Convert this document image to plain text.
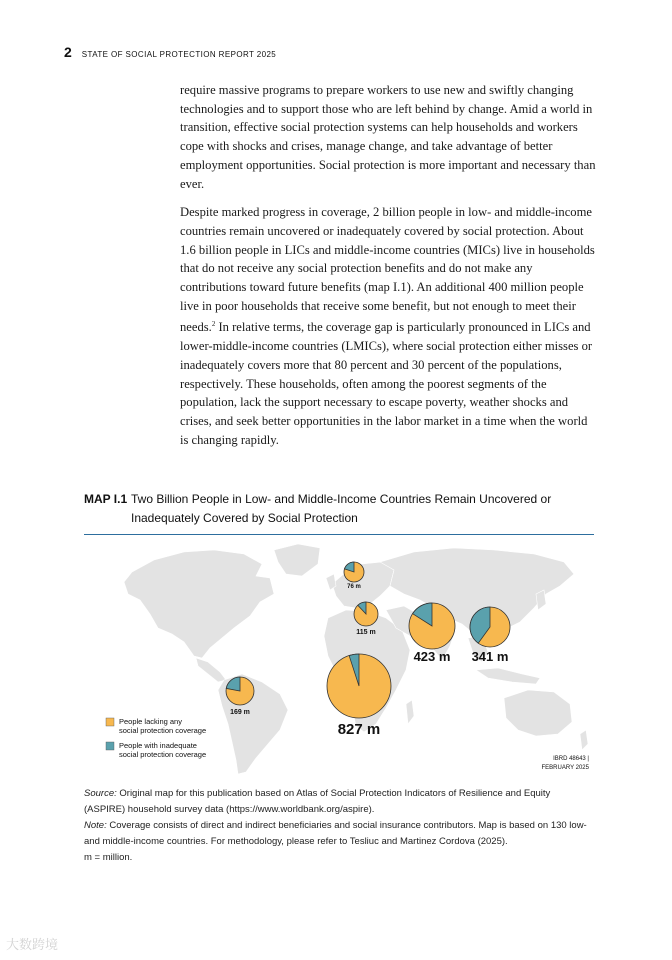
2 STATE OF SOCIAL PROTECTION REPORT 2025

require massive programs to prepare workers to use new and swiftly changing technologies and to support those who are left behind by change. Amid a world in transition, effective social protection systems can help households and workers cope with shocks and crises, manage change, and take advantage of better employment opportunities. Social protection is more important and necessary than ever.

Despite marked progress in coverage, 2 billion people in low- and middle-income countries remain uncovered or inadequately covered by social protection. About 1.6 billion people in LICs and middle-income countries (MICs) live in households that do not receive any social protection benefits and do not make any contributions toward future benefits (map I.1). An additional 400 million people live in poor households that receive some benefit, but not enough to meet their needs.$^2$ In relative terms, the coverage gap is particularly pronounced in LICs and lower-middle-income countries (LMICs), where social protection either misses or inadequately covers more that 80 percent and 30 percent of the populations, respectively. These households, often among the poorest segments of the population, lack the support necessary to escape poverty, weather shocks and crises, and seek better opportunities in the labor market in a time when the world is changing rapidly.

MAP I.1 Two Billion People in Low- and Middle-Income Countries Remain Uncovered or Inadequately Covered by Social Protection
76 m
115 m
423 m 341 m
169 m
827 m
People lacking any
social protection coverage
People with inadequate
social protection coverage	IBRD 48643 |
FEBRUARY 2025

Source: Original map for this publication based on Atlas of Social Protection Indicators of Resilience and Equity (ASPIRE) household survey data (https://www.worldbank.org/aspire).

Note: Coverage consists of direct and indirect beneficiaries and social insurance contributors. Map is based on 130 low- and middle-income countries. For methodology, please refer to Tesliuc and Martinez Cordova (2025).

m = million.

大数跨境
